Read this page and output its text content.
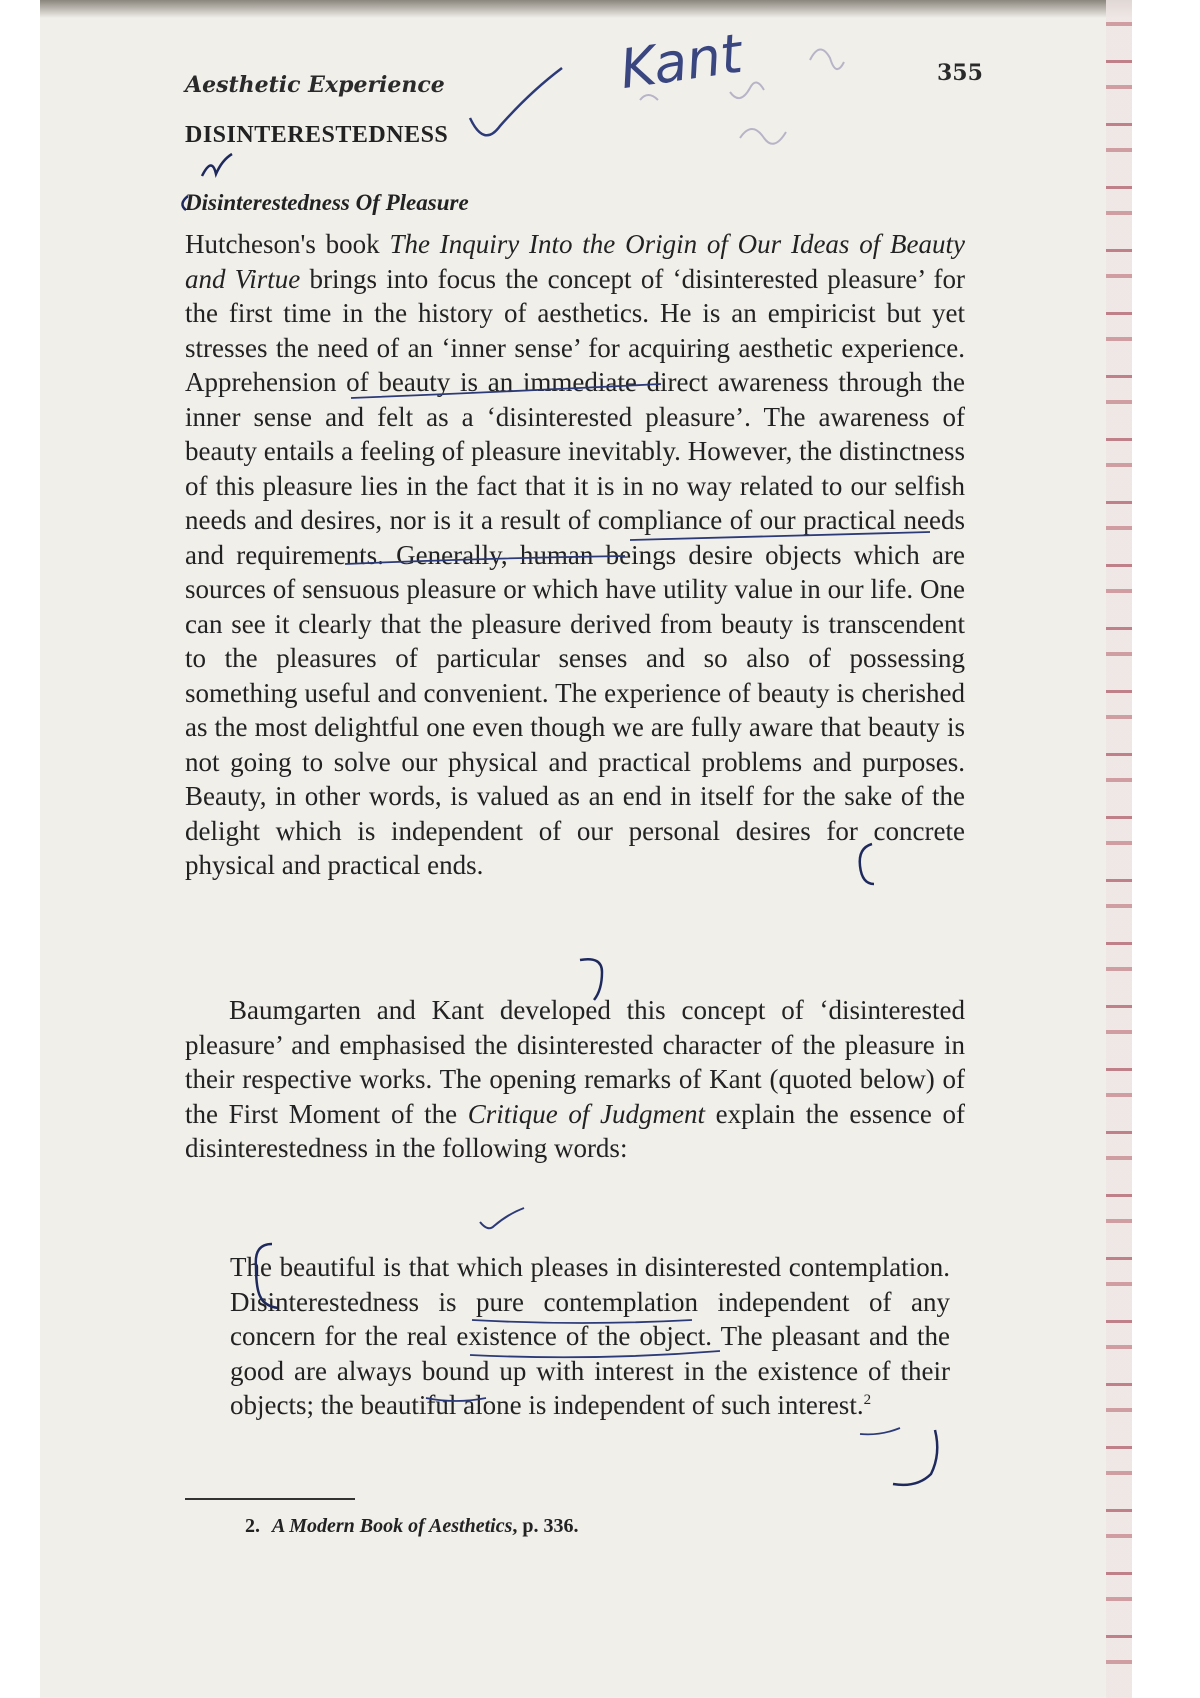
Aesthetic Experience	355
DISINTERESTEDNESS
Disinterestedness Of Pleasure

Hutcheson's book The Inquiry Into the Origin of Our Ideas of Beauty and Virtue brings into focus the concept of ‘disinterested pleasure’ for the first time in the history of aesthetics. He is an empiricist but yet stresses the need of an ‘inner sense’ for acquiring aesthetic experience. Apprehension of beauty is an immediate direct awareness through the inner sense and felt as a ‘disinterested pleasure’. The awareness of beauty entails a feeling of pleasure inevitably. However, the distinctness of this pleasure lies in the fact that it is in no way related to our selfish needs and desires, nor is it a result of compliance of our practical needs and requirements. Generally, human beings desire objects which are sources of sensuous pleasure or which have utility value in our life. One can see it clearly that the pleasure derived from beauty is transcendent to the pleasures of particular senses and so also of possessing something useful and convenient. The experience of beauty is cherished as the most delightful one even though we are fully aware that beauty is not going to solve our physical and practical problems and purposes. Beauty, in other words, is valued as an end in itself for the sake of the delight which is independent of our personal desires for concrete physical and practical ends.

Baumgarten and Kant developed this concept of ‘disinterested pleasure’ and emphasised the disinterested character of the pleasure in their respective works. The opening remarks of Kant (quoted below) of the First Moment of the Critique of Judgment explain the essence of disinterestedness in the following words:

The beautiful is that which pleases in disinterested contemplation. Disinterestedness is pure contemplation independent of any concern for the real existence of the object. The pleasant and the good are always bound up with interest in the existence of their objects; the beautiful alone is independent of such interest.$^2$

2. A Modern Book of Aesthetics, p. 336.
Kant
